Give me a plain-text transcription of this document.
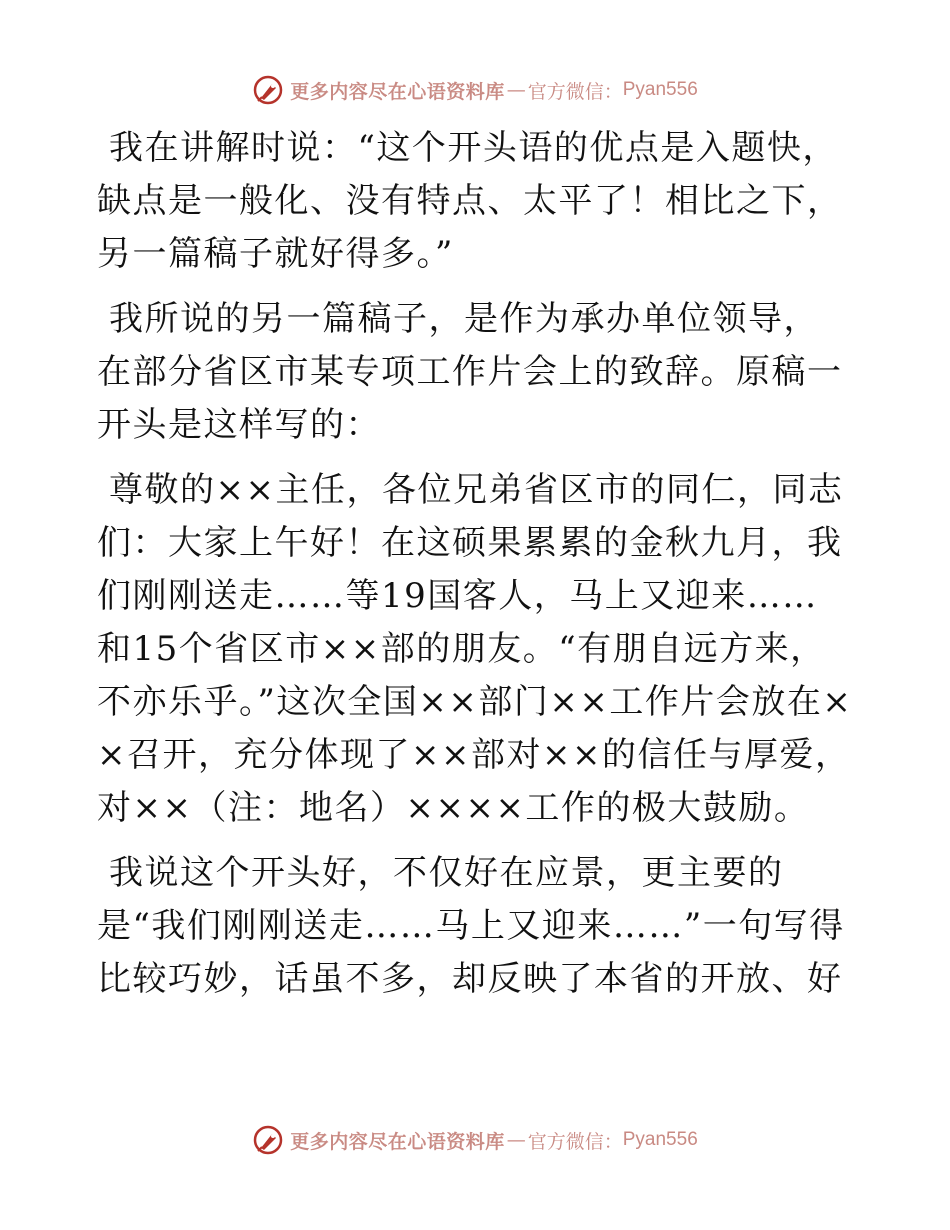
更多内容尽在心语资料库 — 官方微信： Pyan556

我在讲解时说：“这个开头语的优点是入题快，缺点是一般化、没有特点、太平了！相比之下，另一篇稿子就好得多。”

我所说的另一篇稿子，是作为承办单位领导，在部分省区市某专项工作片会上的致辞。原稿一开头是这样写的：

尊敬的××主任，各位兄弟省区市的同仁，同志们：大家上午好！在这硕果累累的金秋九月，我们刚刚送走……等19国客人，马上又迎来……和15个省区市××部的朋友。“有朋自远方来，不亦乐乎。”这次全国××部门××工作片会放在××召开，充分体现了××部对××的信任与厚爱，对××（注：地名）××××工作的极大鼓励。

我说这个开头好，不仅好在应景，更主要的是“我们刚刚送走……马上又迎来……”一句写得比较巧妙，话虽不多，却反映了本省的开放、好

更多内容尽在心语资料库 — 官方微信： Pyan556
